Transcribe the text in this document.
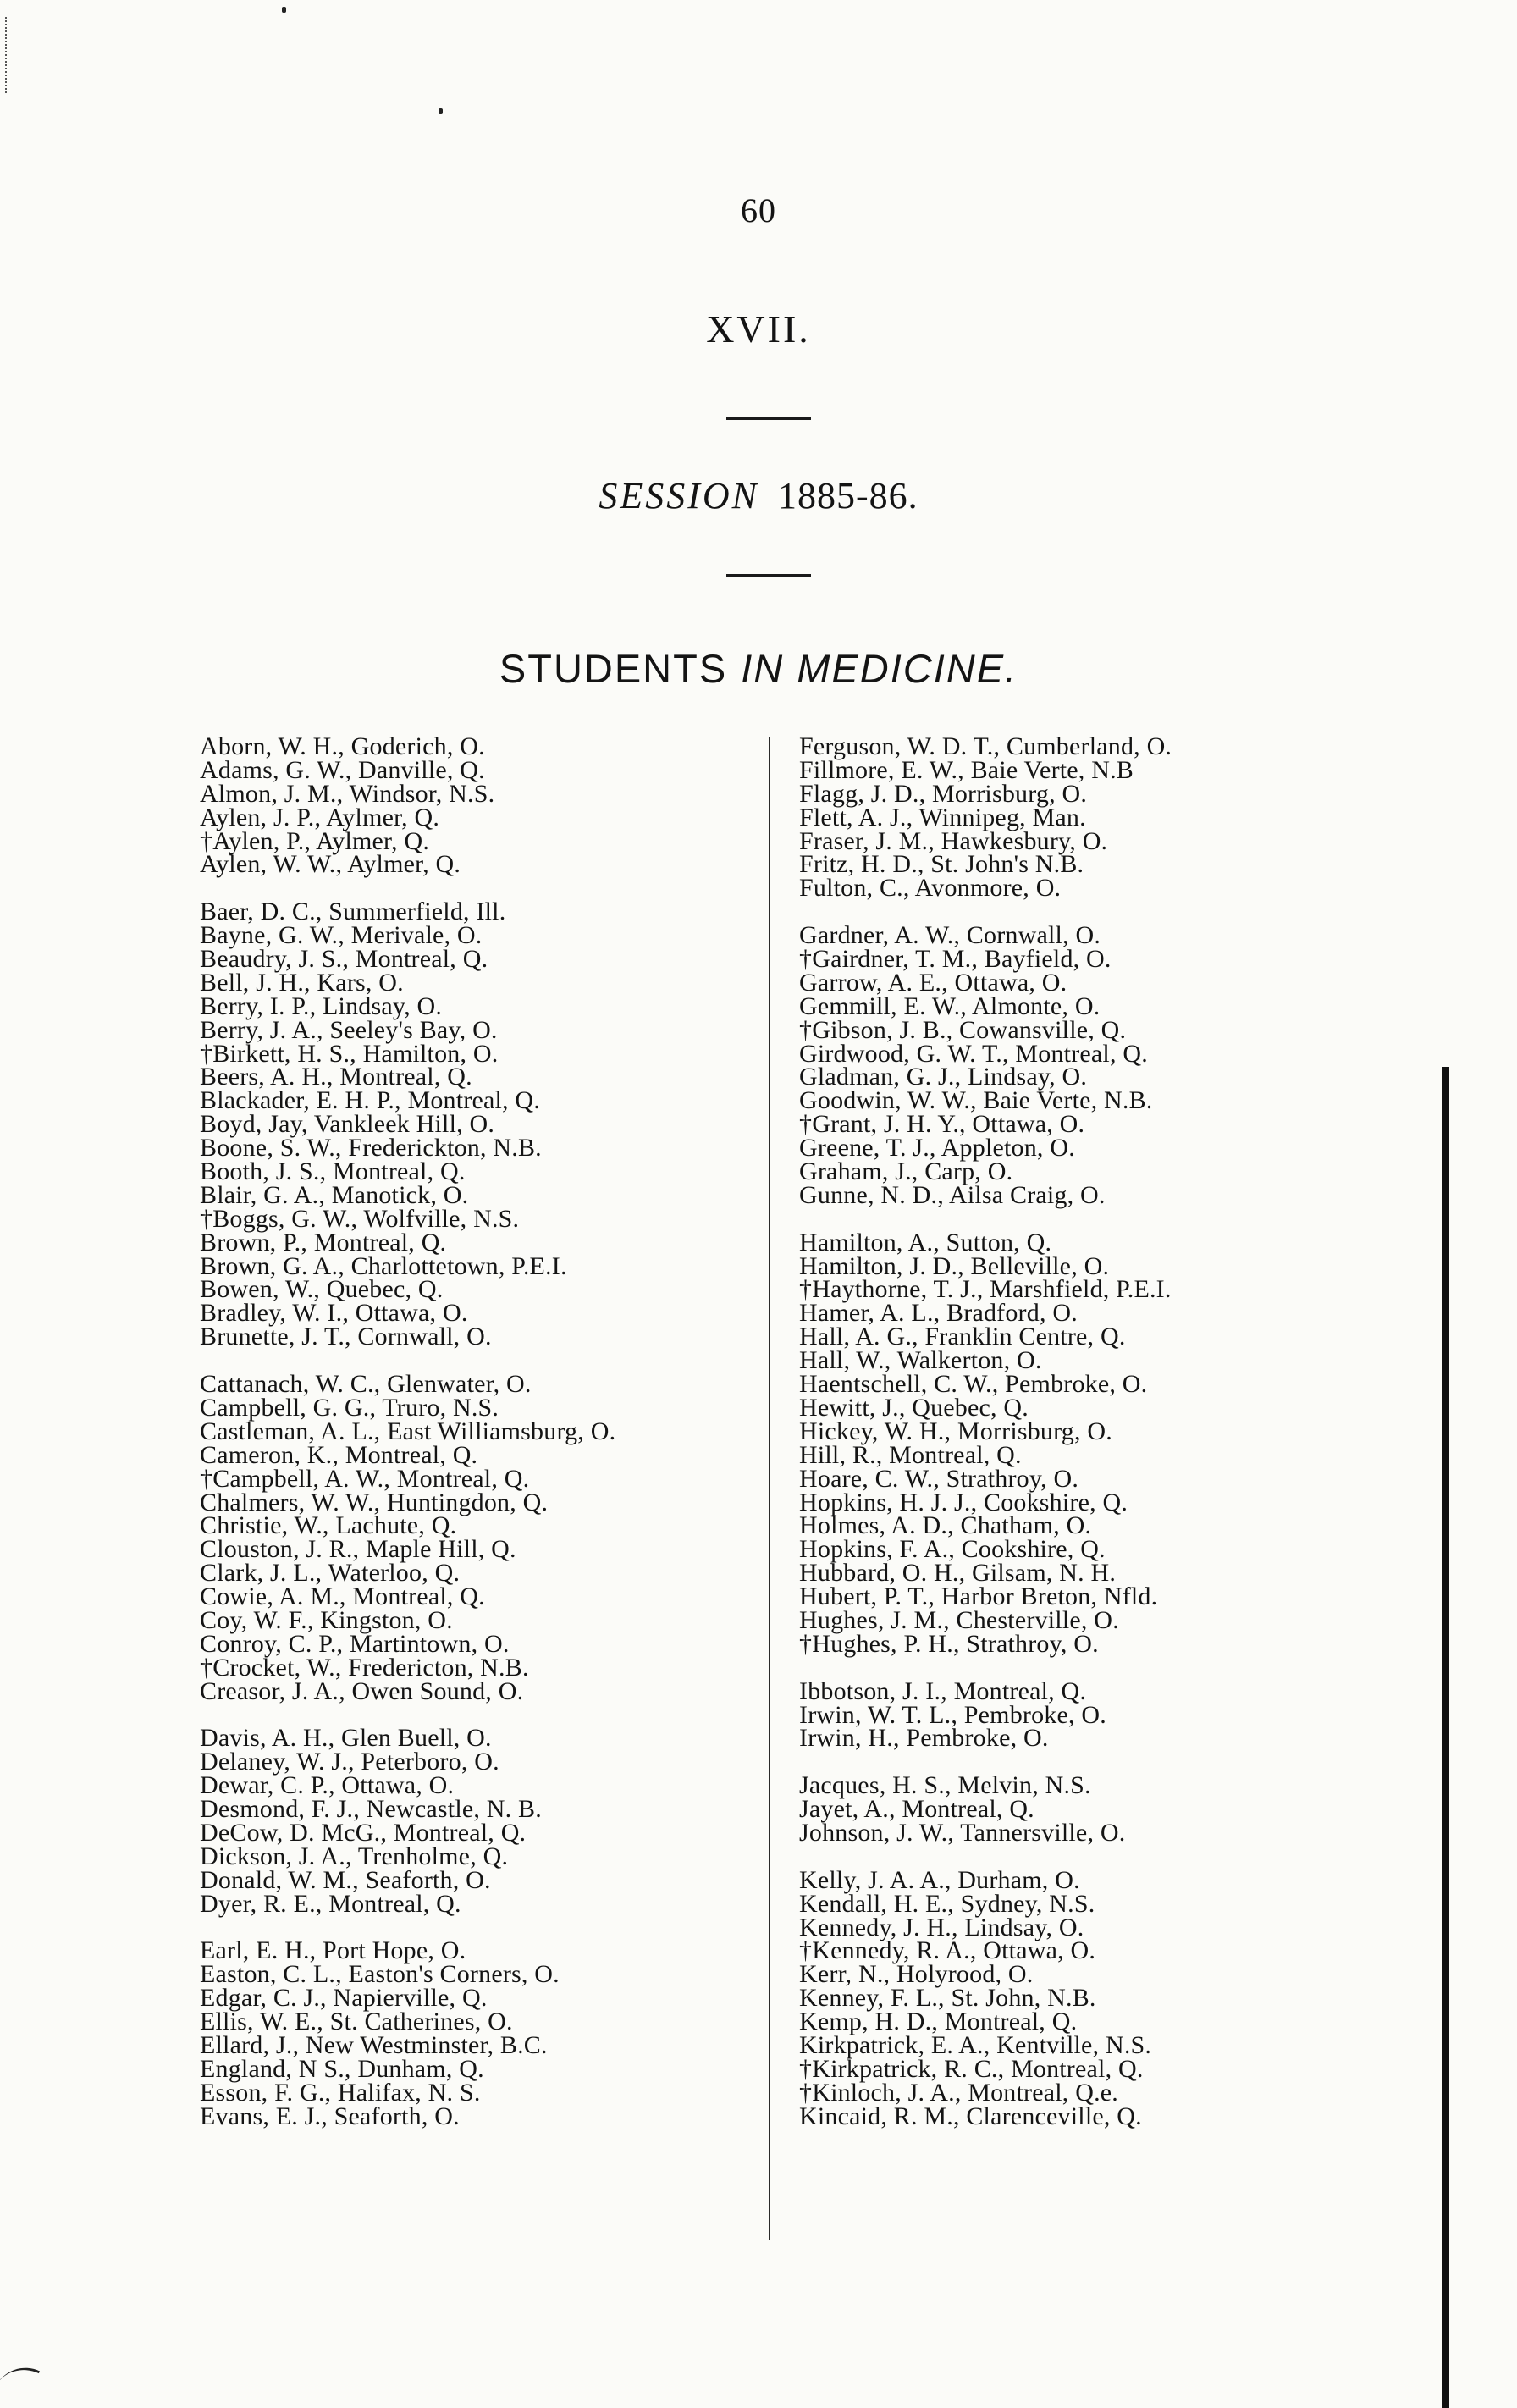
60
XVII.
SESSION 1885-86.
STUDENTS IN MEDICINE.
Aborn, W. H., Goderich, O.
Adams, G. W., Danville, Q.
Almon, J. M., Windsor, N.S.
Aylen, J. P., Aylmer, Q.
†Aylen, P., Aylmer, Q.
Aylen, W. W., Aylmer, Q.
Baer, D. C., Summerfield, Ill.
Bayne, G. W., Merivale, O.
Beaudry, J. S., Montreal, Q.
Bell, J. H., Kars, O.
Berry, I. P., Lindsay, O.
Berry, J. A., Seeley's Bay, O.
†Birkett, H. S., Hamilton, O.
Beers, A. H., Montreal, Q.
Blackader, E. H. P., Montreal, Q.
Boyd, Jay, Vankleek Hill, O.
Boone, S. W., Frederickton, N.B.
Booth, J. S., Montreal, Q.
Blair, G. A., Manotick, O.
†Boggs, G. W., Wolfville, N.S.
Brown, P., Montreal, Q.
Brown, G. A., Charlottetown, P.E.I.
Bowen, W., Quebec, Q.
Bradley, W. I., Ottawa, O.
Brunette, J. T., Cornwall, O.
Cattanach, W. C., Glenwater, O.
Campbell, G. G., Truro, N.S.
Castleman, A. L., East Williamsburg, O.
Cameron, K., Montreal, Q.
†Campbell, A. W., Montreal, Q.
Chalmers, W. W., Huntingdon, Q.
Christie, W., Lachute, Q.
Clouston, J. R., Maple Hill, Q.
Clark, J. L., Waterloo, Q.
Cowie, A. M., Montreal, Q.
Coy, W. F., Kingston, O.
Conroy, C. P., Martintown, O.
†Crocket, W., Fredericton, N.B.
Creasor, J. A., Owen Sound, O.
Davis, A. H., Glen Buell, O.
Delaney, W. J., Peterboro, O.
Dewar, C. P., Ottawa, O.
Desmond, F. J., Newcastle, N. B.
DeCow, D. McG., Montreal, Q.
Dickson, J. A., Trenholme, Q.
Donald, W. M., Seaforth, O.
Dyer, R. E., Montreal, Q.
Earl, E. H., Port Hope, O.
Easton, C. L., Easton's Corners, O.
Edgar, C. J., Napierville, Q.
Ellis, W. E., St. Catherines, O.
Ellard, J., New Westminster, B.C.
England, N S., Dunham, Q.
Esson, F. G., Halifax, N. S.
Evans, E. J., Seaforth, O.
Ferguson, W. D. T., Cumberland, O.
Fillmore, E. W., Baie Verte, N.B
Flagg, J. D., Morrisburg, O.
Flett, A. J., Winnipeg, Man.
Fraser, J. M., Hawkesbury, O.
Fritz, H. D., St. John's N.B.
Fulton, C., Avonmore, O.
Gardner, A. W., Cornwall, O.
†Gairdner, T. M., Bayfield, O.
Garrow, A. E., Ottawa, O.
Gemmill, E. W., Almonte, O.
†Gibson, J. B., Cowansville, Q.
Girdwood, G. W. T., Montreal, Q.
Gladman, G. J., Lindsay, O.
Goodwin, W. W., Baie Verte, N.B.
†Grant, J. H. Y., Ottawa, O.
Greene, T. J., Appleton, O.
Graham, J., Carp, O.
Gunne, N. D., Ailsa Craig, O.
Hamilton, A., Sutton, Q.
Hamilton, J. D., Belleville, O.
†Haythorne, T. J., Marshfield, P.E.I.
Hamer, A. L., Bradford, O.
Hall, A. G., Franklin Centre, Q.
Hall, W., Walkerton, O.
Haentschell, C. W., Pembroke, O.
Hewitt, J., Quebec, Q.
Hickey, W. H., Morrisburg, O.
Hill, R., Montreal, Q.
Hoare, C. W., Strathroy, O.
Hopkins, H. J. J., Cookshire, Q.
Holmes, A. D., Chatham, O.
Hopkins, F. A., Cookshire, Q.
Hubbard, O. H., Gilsam, N. H.
Hubert, P. T., Harbor Breton, Nfld.
Hughes, J. M., Chesterville, O.
†Hughes, P. H., Strathroy, O.
Ibbotson, J. I., Montreal, Q.
Irwin, W. T. L., Pembroke, O.
Irwin, H., Pembroke, O.
Jacques, H. S., Melvin, N.S.
Jayet, A., Montreal, Q.
Johnson, J. W., Tannersville, O.
Kelly, J. A. A., Durham, O.
Kendall, H. E., Sydney, N.S.
Kennedy, J. H., Lindsay, O.
†Kennedy, R. A., Ottawa, O.
Kerr, N., Holyrood, O.
Kenney, F. L., St. John, N.B.
Kemp, H. D., Montreal, Q.
Kirkpatrick, E. A., Kentville, N.S.
†Kirkpatrick, R. C., Montreal, Q.
†Kinloch, J. A., Montreal, Q.e.
Kincaid, R. M., Clarenceville, Q.
